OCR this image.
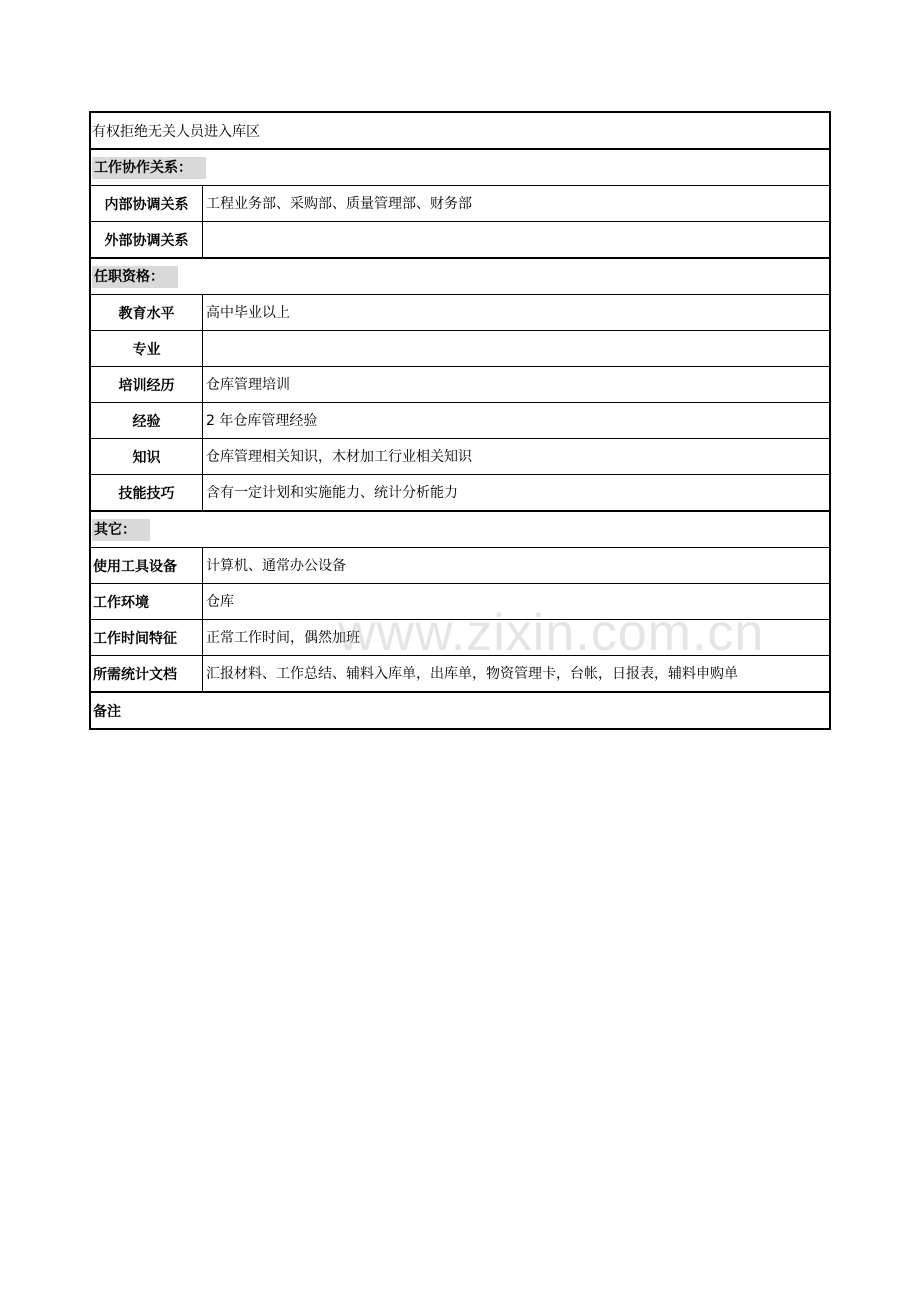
有权拒绝无关人员进入库区
工作协作关系：
内部协调关系	工程业务部、采购部、质量管理部、财务部
外部协调关系
任职资格：
教育水平	高中毕业以上
专业
培训经历	仓库管理培训
经验	2 年仓库管理经验
知识	仓库管理相关知识，木材加工行业相关知识
技能技巧	含有一定计划和实施能力、统计分析能力
其它：
使用工具设备	计算机、通常办公设备
工作环境	仓库
工作时间特征	正常工作时间，偶然加班
所需统计文档	汇报材料、工作总结、辅料入库单，出库单，物资管理卡，台帐，日报表，辅料申购单
备注
www.zixin.com.cn
